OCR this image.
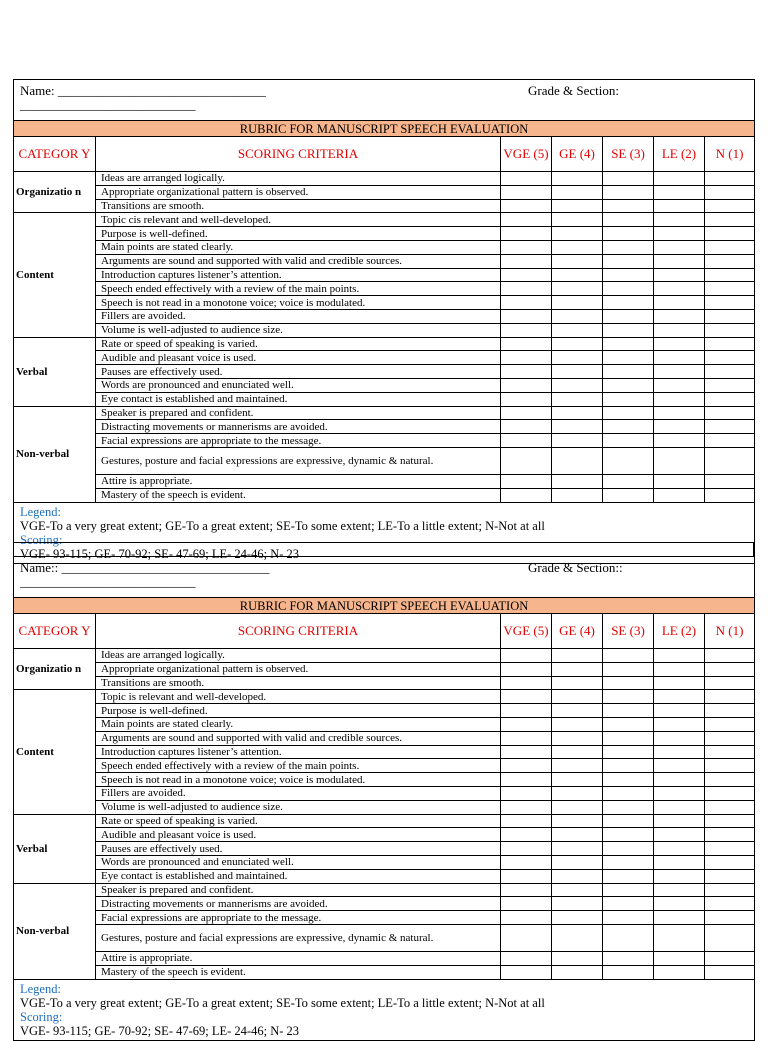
Name: ________________________________
___________________________
Grade & Section:						

RUBRIC FOR MANUSCRIPT SPEECH EVALUATION						
CATEGOR Y	SCORING CRITERIA	VGE (5)	GE (4)	SE (3)	LE (2)	N (1)
Organizatio n	Ideas are arranged logically.					
	Appropriate organizational pattern is observed.					
	Transitions are smooth.					
Content	Topic cis relevant and well-developed.					
	Purpose is well-defined.					
	Main points are stated clearly.					
	Arguments are sound and supported with valid and credible sources.					
	Introduction captures listener’s attention.					
	Speech ended effectively with a review of the main points.					
	Speech is not read in a monotone voice; voice is modulated.					
	Fillers are avoided.					
	Volume is well-adjusted to audience size.					
Verbal	Rate or speed of speaking is varied.					
	Audible and pleasant voice is used.					
	Pauses are effectively used.					
	Words are pronounced and enunciated well.					
	Eye contact is established and maintained.					
Non-verbal	Speaker is prepared and confident.					
	Distracting movements or mannerisms are avoided.					
	Facial expressions are appropriate to the message.					
	Gestures, posture and facial expressions are expressive, dynamic & natural.					
	Attire is appropriate.					
	Mastery of the speech is evident.					

Legend:
VGE-To a very great extent; GE-To a great extent; SE-To some extent; LE-To a little extent; N-Not at all
Scoring:
VGE- 93-115; GE- 70-92; SE- 47-69; LE- 24-46; N- 23						
Name:: ________________________________
___________________________
Grade & Section::						

RUBRIC FOR MANUSCRIPT SPEECH EVALUATION						
CATEGOR Y	SCORING CRITERIA	VGE (5)	GE (4)	SE (3)	LE (2)	N (1)
Organizatio n	Ideas are arranged logically.					
	Appropriate organizational pattern is observed.					
	Transitions are smooth.					
Content	Topic is relevant and well-developed.					
	Purpose is well-defined.					
	Main points are stated clearly.					
	Arguments are sound and supported with valid and credible sources.					
	Introduction captures listener’s attention.					
	Speech ended effectively with a review of the main points.					
	Speech is not read in a monotone voice; voice is modulated.					
	Fillers are avoided.					
	Volume is well-adjusted to audience size.					
Verbal	Rate or speed of speaking is varied.					
	Audible and pleasant voice is used.					
	Pauses are effectively used.					
	Words are pronounced and enunciated well.					
	Eye contact is established and maintained.					
Non-verbal	Speaker is prepared and confident.					
	Distracting movements or mannerisms are avoided.					
	Facial expressions are appropriate to the message.					
	Gestures, posture and facial expressions are expressive, dynamic & natural.					
	Attire is appropriate.					
	Mastery of the speech is evident.					

Legend:
VGE-To a very great extent; GE-To a great extent; SE-To some extent; LE-To a little extent; N-Not at all
Scoring:
VGE- 93-115; GE- 70-92; SE- 47-69; LE- 24-46; N- 23						
